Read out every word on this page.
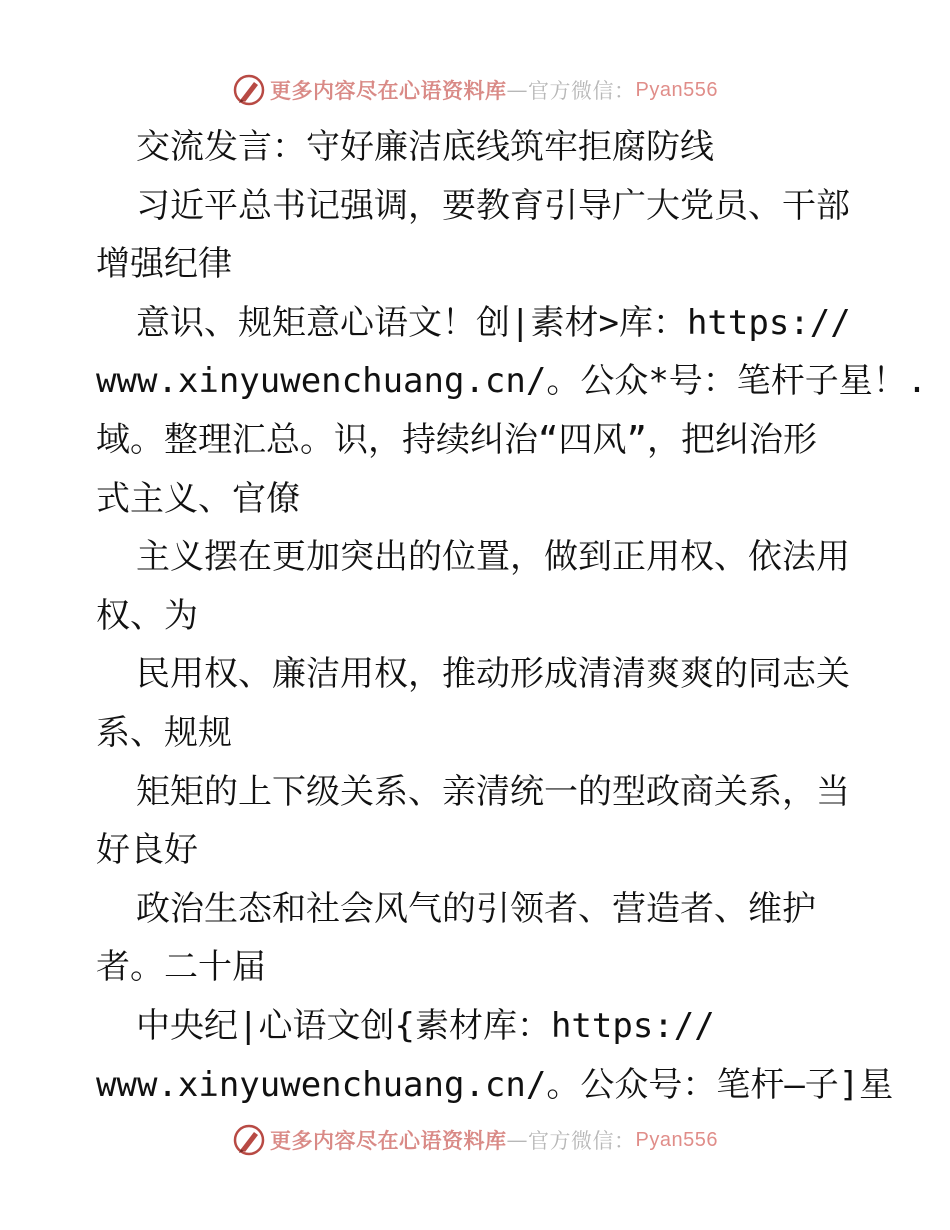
更多内容尽在心语资料库 — 官方微信： Pyan556
交流发言：守好廉洁底线筑牢拒腐防线
习近平总书记强调，要教育引导广大党员、干部
增强纪律
意识、规矩意心语文！创|素材>库：https://
www.xinyuwenchuang.cn/。公众*号：笔杆子星！.
域。整理汇总。识，持续纠治“四风”，把纠治形
式主义、官僚
主义摆在更加突出的位置，做到正用权、依法用
权、为
民用权、廉洁用权，推动形成清清爽爽的同志关
系、规规
矩矩的上下级关系、亲清统一的型政商关系，当
好良好
政治生态和社会风气的引领者、营造者、维护
者。二十届
中央纪|心语文创{素材库：https://
www.xinyuwenchuang.cn/。公众号：笔杆—子]星
更多内容尽在心语资料库 — 官方微信： Pyan556
